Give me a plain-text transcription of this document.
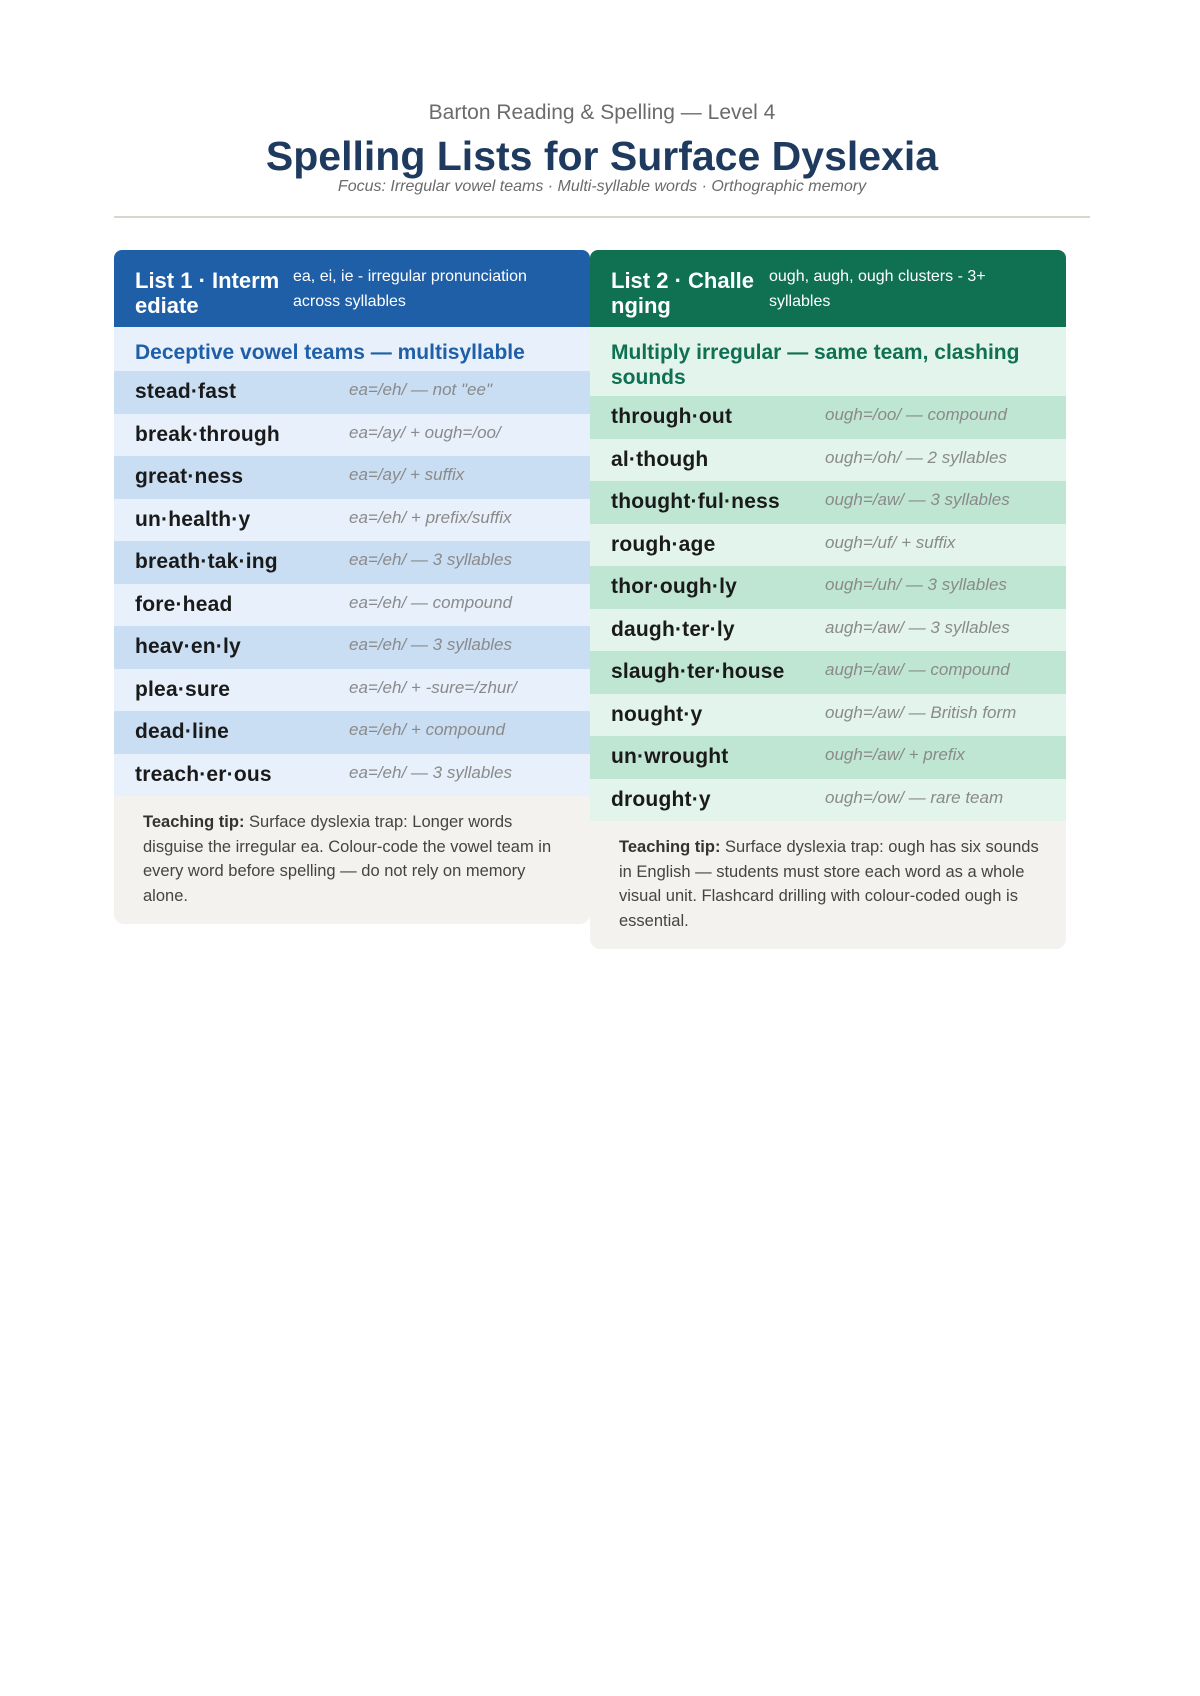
Barton Reading & Spelling — Level 4
Spelling Lists for Surface Dyslexia
Focus: Irregular vowel teams · Multi-syllable words · Orthographic memory
List 1 · Intermediate
ea, ei, ie - irregular pronunciation across syllables
Deceptive vowel teams — multisyllable
stead·fast	ea=/eh/ — not "ee"
break·through	ea=/ay/ + ough=/oo/
great·ness	ea=/ay/ + suffix
un·health·y	ea=/eh/ + prefix/suffix
breath·tak·ing	ea=/eh/ — 3 syllables
fore·head	ea=/eh/ — compound
heav·en·ly	ea=/eh/ — 3 syllables
plea·sure	ea=/eh/ + -sure=/zhur/
dead·line	ea=/eh/ + compound
treach·er·ous	ea=/eh/ — 3 syllables
Teaching tip: Surface dyslexia trap: Longer words disguise the irregular ea. Colour-code the vowel team in every word before spelling — do not rely on memory alone.
List 2 · Challenging
ough, augh, ough clusters - 3+ syllables
Multiply irregular — same team, clashing sounds
through·out	ough=/oo/ — compound
al·though	ough=/oh/ — 2 syllables
thought·ful·ness	ough=/aw/ — 3 syllables
rough·age	ough=/uf/ + suffix
thor·ough·ly	ough=/uh/ — 3 syllables
daugh·ter·ly	augh=/aw/ — 3 syllables
slaugh·ter·house	augh=/aw/ — compound
nought·y	ough=/aw/ — British form
un·wrought	ough=/aw/ + prefix
drought·y	ough=/ow/ — rare team
Teaching tip: Surface dyslexia trap: ough has six sounds in English — students must store each word as a whole visual unit. Flashcard drilling with colour-coded ough is essential.
